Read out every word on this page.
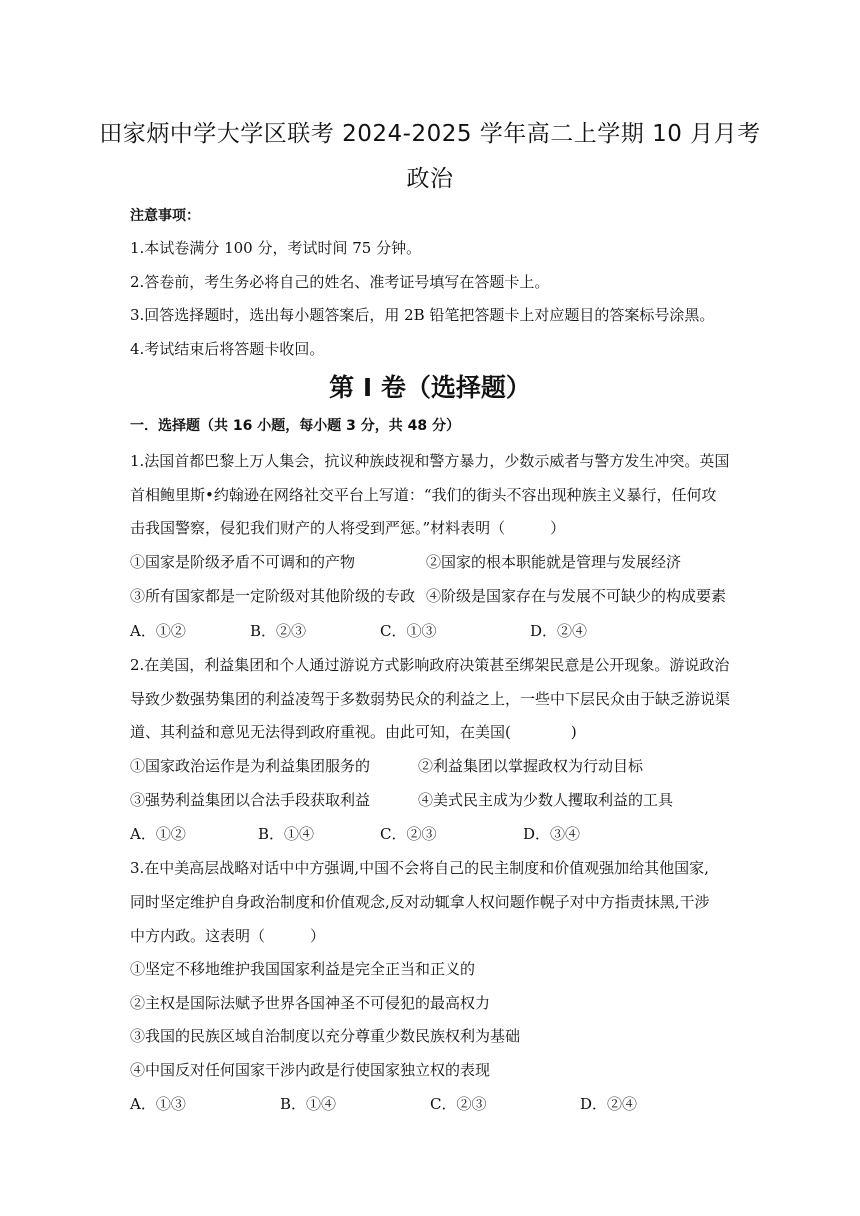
田家炳中学大学区联考 2024-2025 学年高二上学期 10 月月考
政治
注意事项：
1.本试卷满分 100 分，考试时间 75 分钟。
2.答卷前，考生务必将自己的姓名、准考证号填写在答题卡上。
3.回答选择题时，选出每小题答案后，用 2B 铅笔把答题卡上对应题目的答案标号涂黑。
4.考试结束后将答题卡收回。
第 I 卷（选择题）
一．选择题（共 16 小题，每小题 3 分，共 48 分）
1.法国首都巴黎上万人集会，抗议种族歧视和警方暴力，少数示威者与警方发生冲突。英国
首相鲍里斯•约翰逊在网络社交平台上写道：“我们的街头不容出现种族主义暴行，任何攻
击我国警察，侵犯我们财产的人将受到严惩。”材料表明（　　　）
①国家是阶级矛盾不可调和的产物	②国家的根本职能就是管理与发展经济
③所有国家都是一定阶级对其他阶级的专政 ④阶级是国家存在与发展不可缺少的构成要素
A．①②	B．②③	C．①③	D．②④
2.在美国，利益集团和个人通过游说方式影响政府决策甚至绑架民意是公开现象。游说政治
导致少数强势集团的利益凌驾于多数弱势民众的利益之上，一些中下层民众由于缺乏游说渠
道、其利益和意见无法得到政府重视。由此可知，在美国(　　　　)
①国家政治运作是为利益集团服务的	②利益集团以掌握政权为行动目标
③强势利益集团以合法手段获取利益	④美式民主成为少数人攫取利益的工具
A．①②	B．①④	C．②③	D．③④
3.在中美高层战略对话中中方强调,中国不会将自己的民主制度和价值观强加给其他国家,
同时坚定维护自身政治制度和价值观念,反对动辄拿人权问题作幌子对中方指责抹黑,干涉
中方内政。这表明（　　　）
①坚定不移地维护我国国家利益是完全正当和正义的
②主权是国际法赋予世界各国神圣不可侵犯的最高权力
③我国的民族区域自治制度以充分尊重少数民族权利为基础
④中国反对任何国家干涉内政是行使国家独立权的表现
A．①③	B．①④	C．②③	D．②④
